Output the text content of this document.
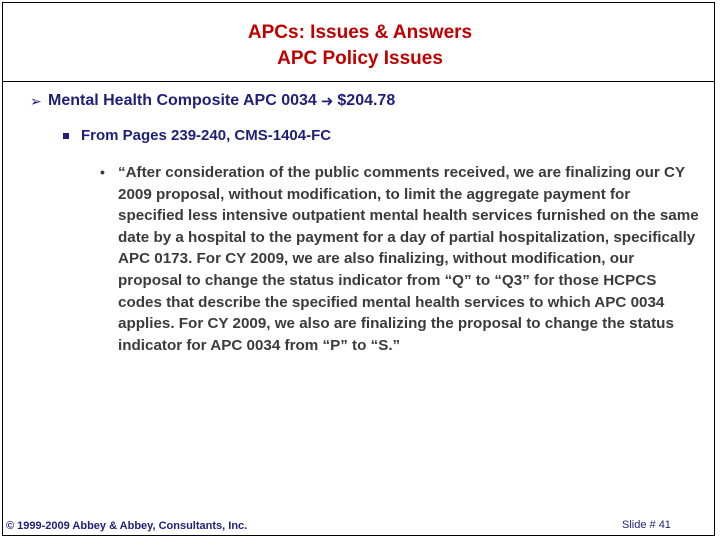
APCs: Issues & Answers
APC Policy Issues
➢ Mental Health Composite APC 0034 ➜ $204.78
From Pages 239-240, CMS-1404-FC
• “After consideration of the public comments received, we are finalizing our CY 2009 proposal, without modification, to limit the aggregate payment for specified less intensive outpatient mental health services furnished on the same date by a hospital to the payment for a day of partial hospitalization, specifically APC 0173. For CY 2009, we are also finalizing, without modification, our proposal to change the status indicator from “Q” to “Q3” for those HCPCS codes that describe the specified mental health services to which APC 0034 applies. For CY 2009, we also are finalizing the proposal to change the status indicator for APC 0034 from “P” to “S.”
© 1999-2009 Abbey & Abbey, Consultants, Inc.	Slide # 41
